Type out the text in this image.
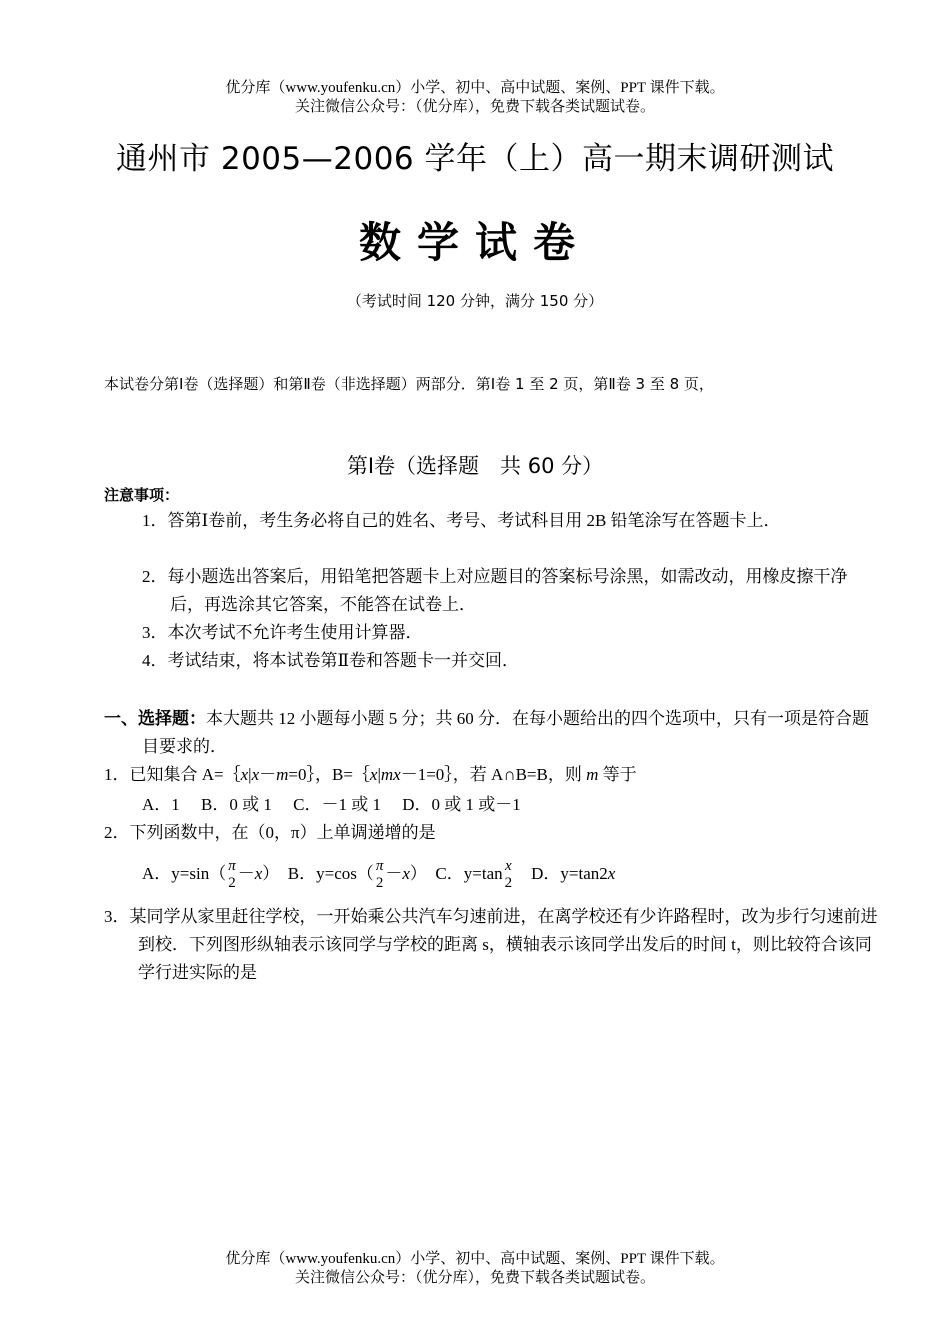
优分库（www.youfenku.cn）小学、初中、高中试题、案例、PPT 课件下载。
关注微信公众号：（优分库），免费下载各类试题试卷。
通州市 2005—2006 学年（上）高一期末调研测试
数学试卷
（考试时间 120 分钟，满分 150 分）
本试卷分第Ⅰ卷（选择题）和第Ⅱ卷（非选择题）两部分．第Ⅰ卷 1 至 2 页，第Ⅱ卷 3 至 8 页，
第Ⅰ卷（选择题　共 60 分）
注意事项：
1．答第Ⅰ卷前，考生务必将自己的姓名、考号、考试科目用 2B 铅笔涂写在答题卡上．
2．每小题选出答案后，用铅笔把答题卡上对应题目的答案标号涂黑，如需改动，用橡皮擦干净后，再选涂其它答案，不能答在试卷上．
3．本次考试不允许考生使用计算器．
4．考试结束，将本试卷第Ⅱ卷和答题卡一并交回．
一、选择题：本大题共 12 小题每小题 5 分；共 60 分．在每小题给出的四个选项中，只有一项是符合题目要求的．
1．已知集合 A=｛x|x－m=0｝，B=｛x|mx－1=0｝，若 A∩B=B，则 m 等于
A．1　 B．0 或 1　 C．－1 或 1　 D．0 或 1 或－1
2．下列函数中，在（0，π）上单调递增的是
A．y=sin（ π
2
－x）　 B．y=cos（ π
2
－x）　 C．y=tan x
2
　D．y=tan2x
3．某同学从家里赶往学校，一开始乘公共汽车匀速前进，在离学校还有少许路程时，改为步行匀速前进到校．下列图形纵轴表示该同学与学校的距离 s，横轴表示该同学出发后的时间 t，则比较符合该同学行进实际的是
优分库（www.youfenku.cn）小学、初中、高中试题、案例、PPT 课件下载。
关注微信公众号：（优分库），免费下载各类试题试卷。
